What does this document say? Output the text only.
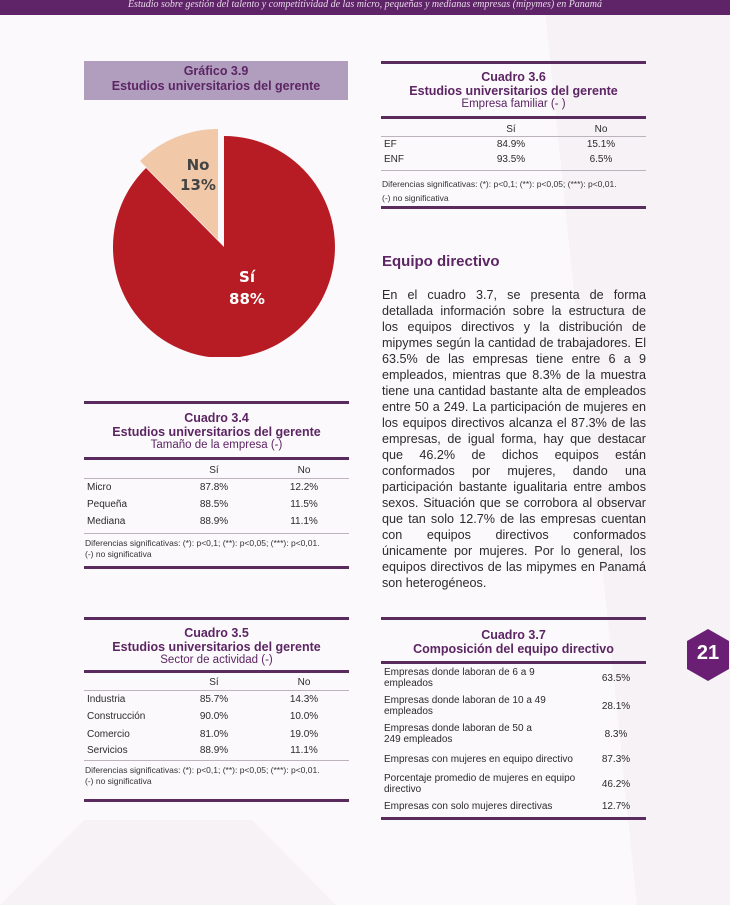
Estudio sobre gestión del talento y competitividad de las micro, pequeñas y medianas empresas (mipymes) en Panamá
Gráfico 3.9
Estudios universitarios del gerente
No
13%
Sí
88%
Cuadro 3.6
Estudios universitarios del gerente
Empresa familiar (- )
Sí	No
EF	84.9%	15.1%
ENF	93.5%	6.5%
Diferencias significativas: (*): p<0,1; (**): p<0,05; (***): p<0,01.
(-) no significativa
Equipo directivo
En el cuadro 3.7, se presenta de forma detallada información sobre la estructura de los equipos directivos y la distribución de mipymes según la cantidad de trabajadores. El 63.5% de las empresas tiene entre 6 a 9 empleados, mientras que 8.3% de la muestra tiene una cantidad bastante alta de empleados entre 50 a 249. La participación de mujeres en los equipos directivos alcanza el 87.3% de las empresas, de igual forma, hay que destacar que 46.2% de dichos equipos están conformados por mujeres, dando una participación bastante igualitaria entre ambos sexos. Situación que se corrobora al observar que tan solo 12.7% de las empresas cuentan con equipos directivos conformados únicamente por mujeres. Por lo general, los equipos directivos de las mipymes en Panamá son heterogéneos.
Cuadro 3.4
Estudios universitarios del gerente
Tamaño de la empresa (-)
Sí	No
Micro	87.8%	12.2%
Pequeña	88.5%	11.5%
Mediana	88.9%	11.1%
Diferencias significativas: (*): p<0,1; (**): p<0,05; (***): p<0,01.
(-) no significativa
Cuadro 3.5
Estudios universitarios del gerente
Sector de actividad (-)
Sí	No
Industria	85.7%	14.3%
Construcción	90.0%	10.0%
Comercio	81.0%	19.0%
Servicios	88.9%	11.1%
Diferencias significativas: (*): p<0,1; (**): p<0,05; (***): p<0,01.
(-) no significativa
Cuadro 3.7
Composición del equipo directivo
Empresas donde laboran de 6 a 9 empleados	63.5%
Empresas donde laboran de 10 a 49 empleados	28.1%
Empresas donde laboran de 50 a 249 empleados	8.3%
Empresas con mujeres en equipo directivo	87.3%
Porcentaje promedio de mujeres en equipo directivo	46.2%
Empresas con solo mujeres directivas	12.7%
21
